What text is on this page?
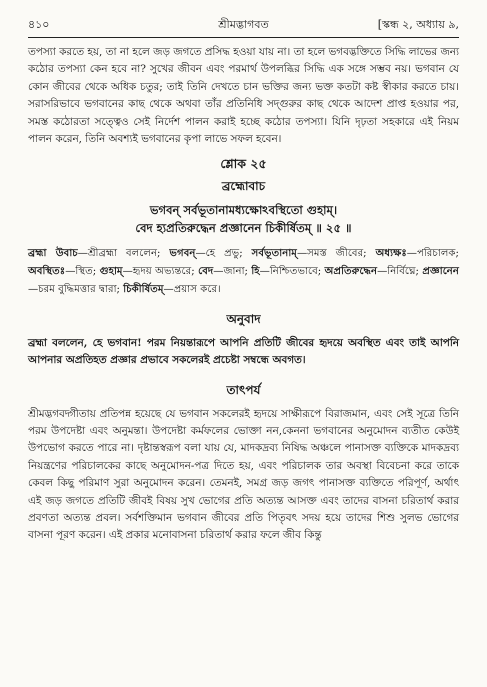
৪১০	শ্রীমদ্ভাগবত	[স্কন্ধ ২, অধ্যায় ৯,

তপস্যা করতে হয়, তা না হলে জড় জগতে প্রসিদ্ধ হওয়া যায় না। তা হলে ভগবদ্ভক্তিতে সিদ্ধি লাভের জন্য কঠোর তপস্যা কেন হবে না? সুখের জীবন এবং পরমার্থ উপলব্ধির সিদ্ধি এক সঙ্গে সম্ভব নয়। ভগবান যে কোন জীবের থেকে অধিক চতুর; তাই তিনি দেখতে চান ভক্তির জন্য ভক্ত কতটা কষ্ট স্বীকার করতে চায়। সরাসরিভাবে ভগবানের কাছ থেকে অথবা তাঁর প্রতিনিধি সদ্গুরুর কাছ থেকে আদেশ প্রাপ্ত হওয়ার পর, সমস্ত কঠোরতা সত্ত্বেও সেই নির্দেশ পালন করাই হচ্ছে কঠোর তপস্যা। যিনি দৃঢ়তা সহকারে এই নিয়ম পালন করেন, তিনি অবশ্যই ভগবানের কৃপা লাভে সফল হবেন।

শ্লোক ২৫
ব্রহ্মোবাচ

ভগবন্ সর্বভূতানামধ্যক্ষোঽবস্থিতো গুহাম্।

বেদ হ্যপ্রতিরুদ্ধেন প্রজ্ঞানেন চিকীর্ষিতম্ ॥ ২৫ ॥

ব্রহ্মা উবাচ—শ্রীব্রহ্মা বললেন; ভগবন্—হে প্রভু; সর্বভূতানাম্—সমস্ত জীবের; অধ্যক্ষঃ—পরিচালক; অবস্থিতঃ—স্থিত; গুহাম্—হৃদয় অভ্যন্তরে; বেদ—জানা; হি—নিশ্চিতভাবে; অপ্রতিরুদ্ধেন—নির্বিঘ্নে; প্রজ্ঞানেন—চরম বুদ্ধিমত্তার দ্বারা; চিকীর্ষিতম্—প্রয়াস করে।

অনুবাদ

ব্রহ্মা বললেন, হে ভগবান! পরম নিয়ন্তারূপে আপনি প্রতিটি জীবের হৃদয়ে অবস্থিত এবং তাই আপনি আপনার অপ্রতিহত প্রজ্ঞার প্রভাবে সকলেরই প্রচেষ্টা সম্বন্ধে অবগত।

তাৎপর্য

শ্রীমদ্ভগবদ্গীতায় প্রতিপন্ন হয়েছে যে ভগবান সকলেরই হৃদয়ে সাক্ষীরূপে বিরাজমান, এবং সেই সূত্রে তিনি পরম উপদেষ্টা এবং অনুমন্তা। উপদেষ্টা কর্মফলের ভোক্তা নন,কেননা ভগবানের অনুমোদন ব্যতীত কেউই উপভোগ করতে পারে না। দৃষ্টান্তস্বরূপ বলা যায় যে, মাদকদ্রব্য নিষিদ্ধ অঞ্চলে পানাসক্ত ব্যক্তিকে মাদকদ্রব্য নিয়ন্ত্রণের পরিচালকের কাছে অনুমোদন-পত্র দিতে হয়, এবং পরিচালক তার অবস্থা বিবেচনা করে তাকে কেবল কিছু পরিমাণ সুরা অনুমোদন করেন। তেমনই, সমগ্র জড় জগৎ পানাসক্ত ব্যক্তিতে পরিপূর্ণ, অর্থাৎ এই জড় জগতে প্রতিটি জীবই বিষয় সুখ ভোগের প্রতি অত্যন্ত আসক্ত এবং তাদের বাসনা চরিতার্থ করার প্রবণতা অত্যন্ত প্রবল। সর্বশক্তিমান ভগবান জীবের প্রতি পিতৃবৎ সদয় হয়ে তাদের শিশু সুলভ ভোগের বাসনা পূরণ করেন। এই প্রকার মনোবাসনা চরিতার্থ করার ফলে জীব কিন্তু
